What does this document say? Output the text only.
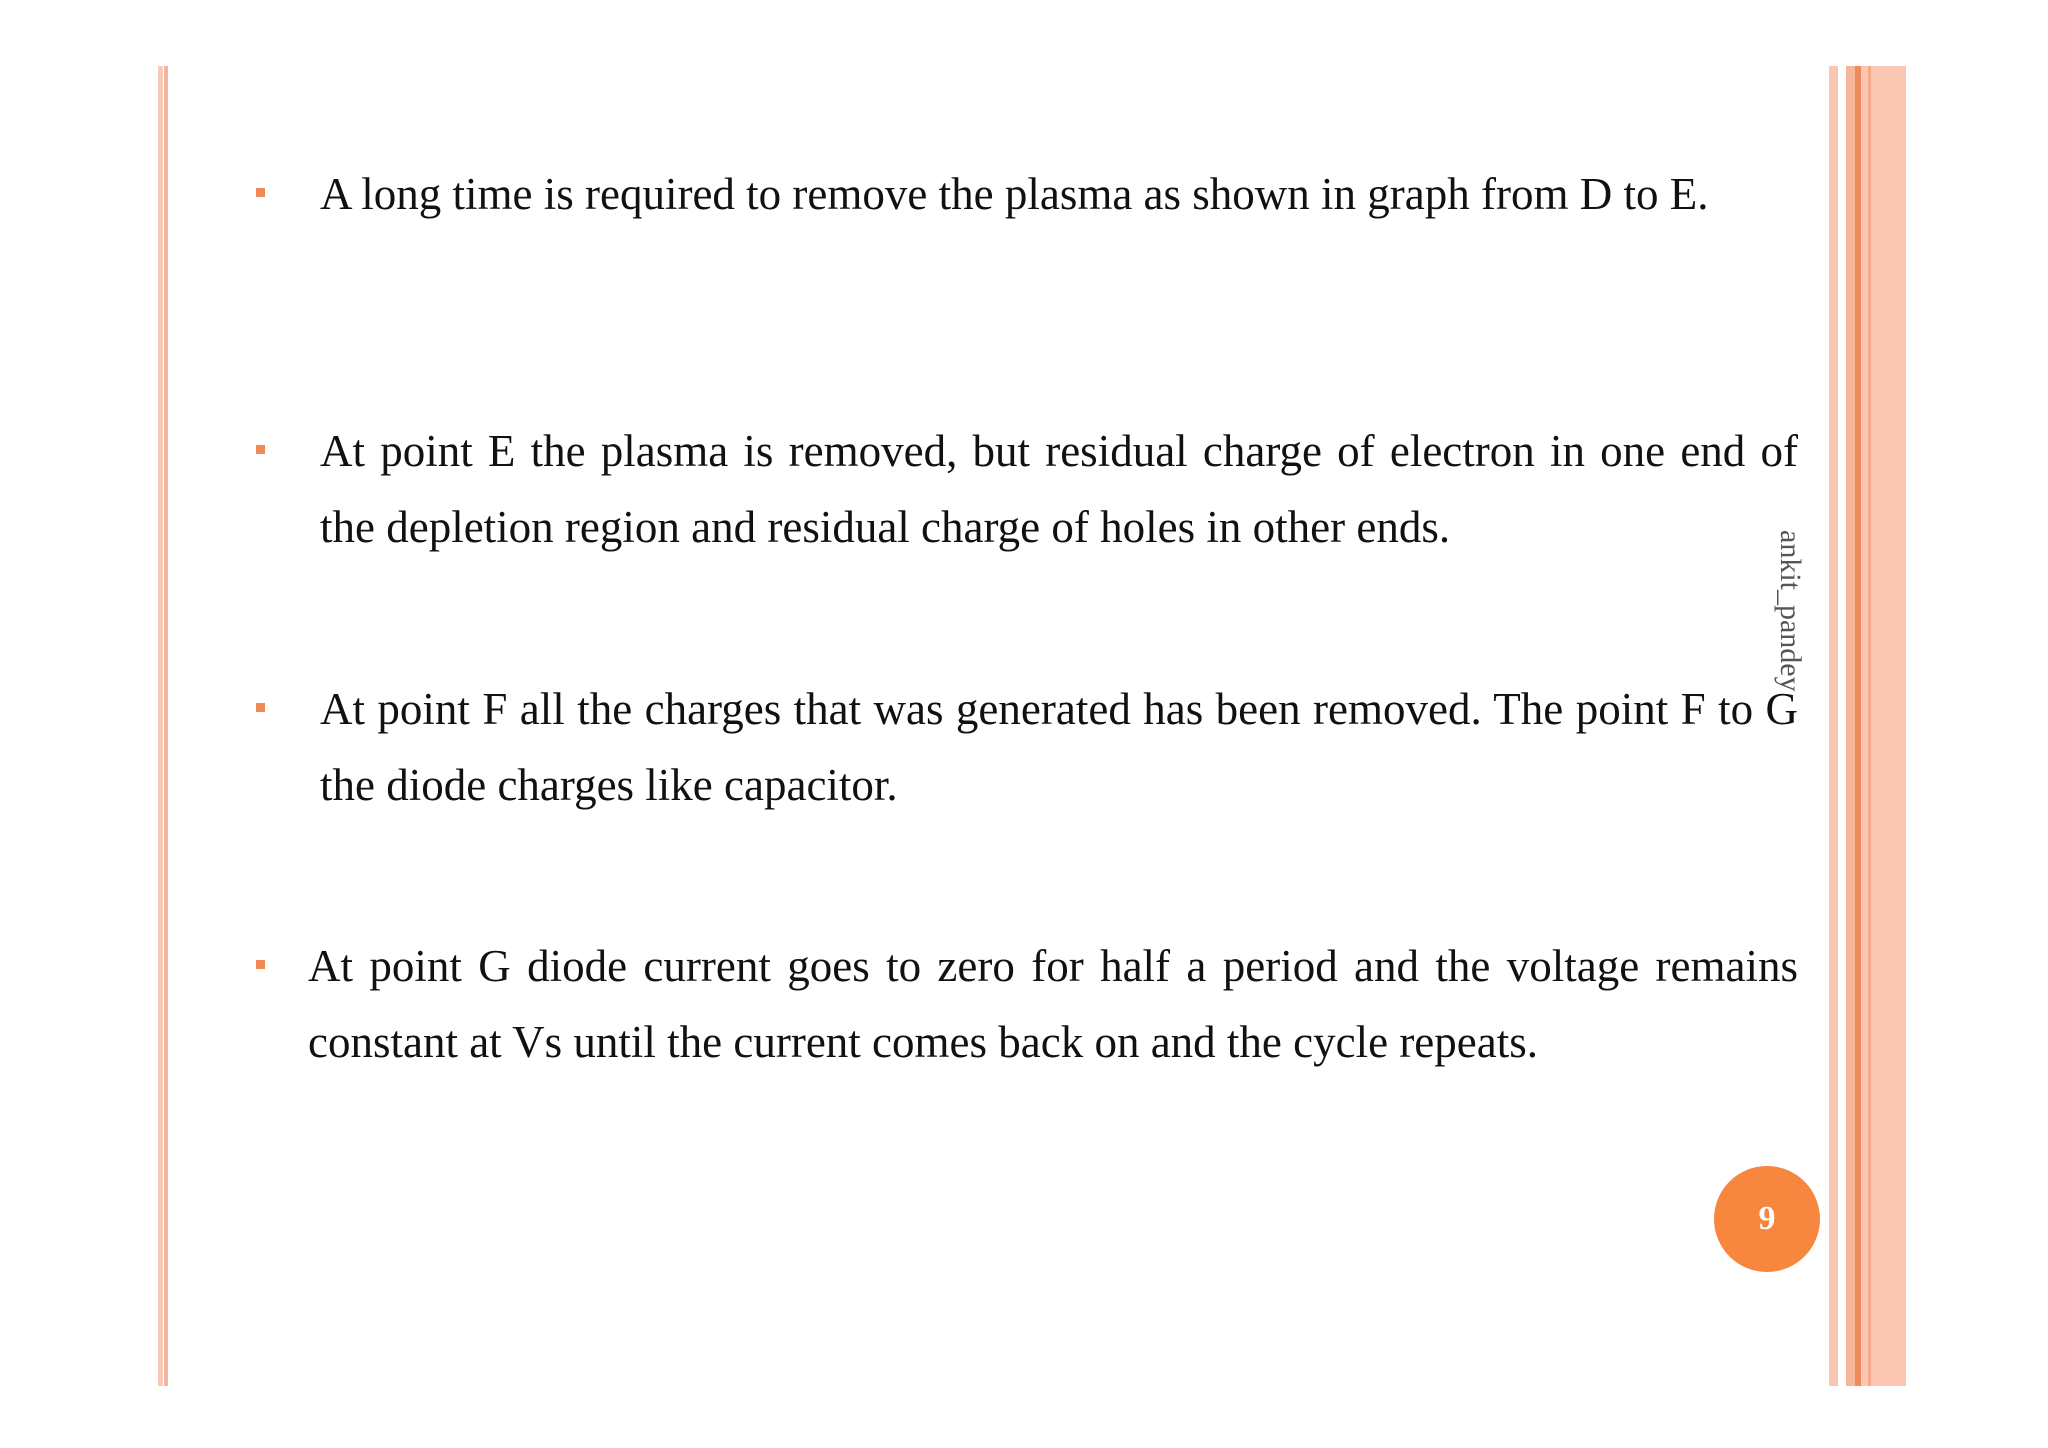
A long time is required to remove the plasma as shown in graph from D to E.

At point E the plasma is removed, but residual charge of electron in one end of the depletion region and residual charge of holes in other ends.

At point F all the charges that was generated has been removed. The point F to G the diode charges like capacitor.

At point G diode current goes to zero for half a period and the voltage remains constant at Vs until the current comes back on and the cycle repeats.

ankit_pandey
9
